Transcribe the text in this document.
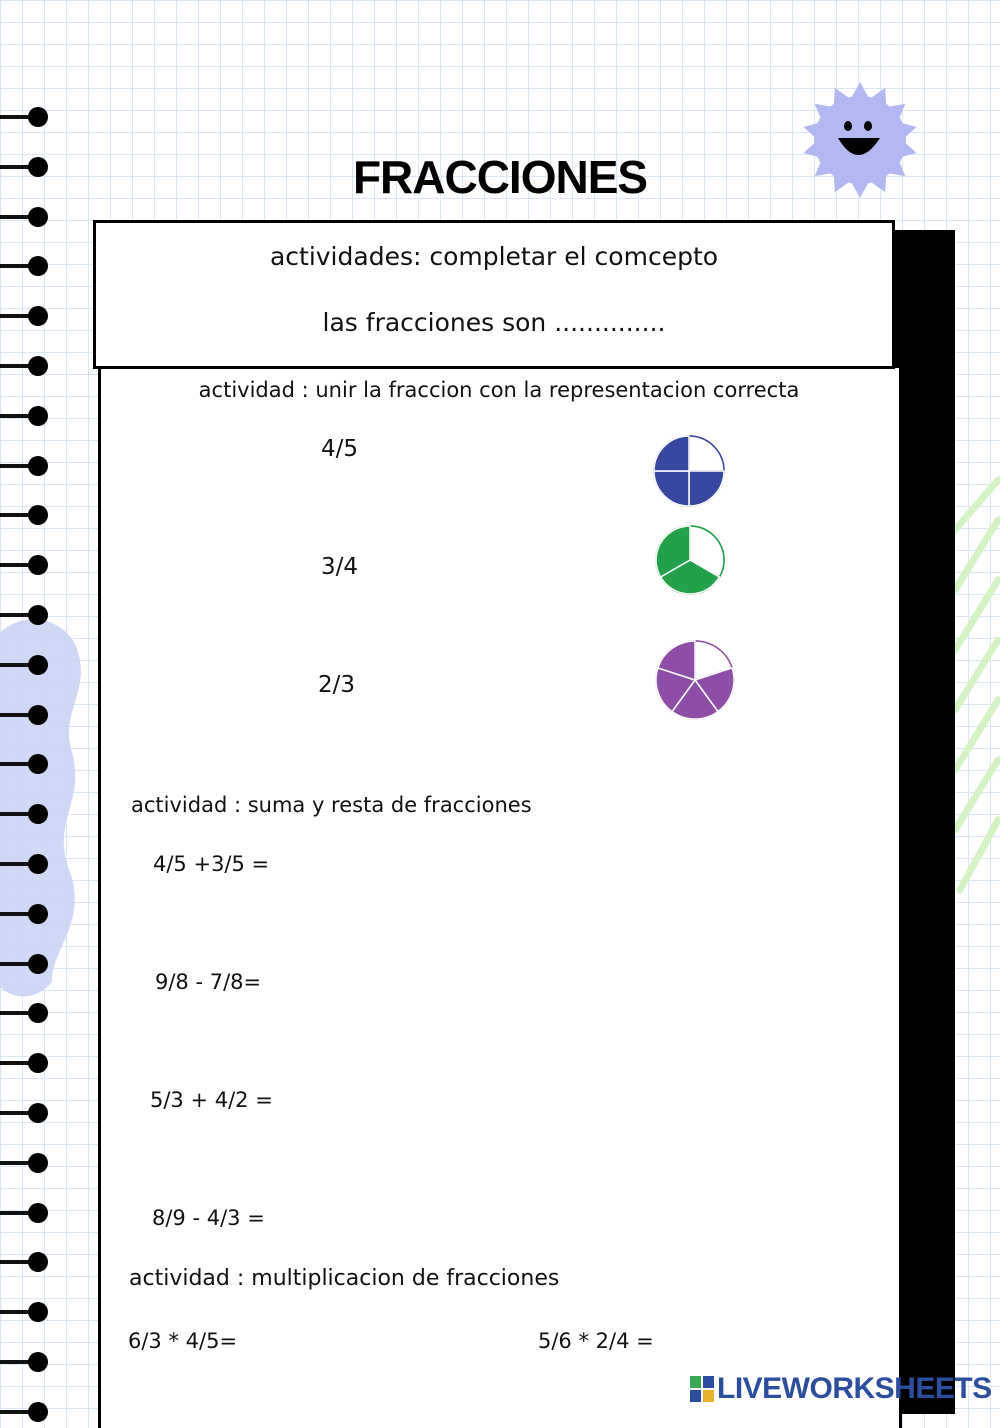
FRACCIONES
actividades: completar el comcepto
las fracciones son ..............
actividad : unir la fraccion con la representacion correcta
4/5
3/4
2/3
actividad : suma y resta de fracciones
4/5 +3/5 =
9/8 - 7/8=
5/3 + 4/2 =
8/9 - 4/3 =
actividad : multiplicacion de fracciones
6/3 * 4/5=	5/6 * 2/4 =
LIVEWORKSHEETS
